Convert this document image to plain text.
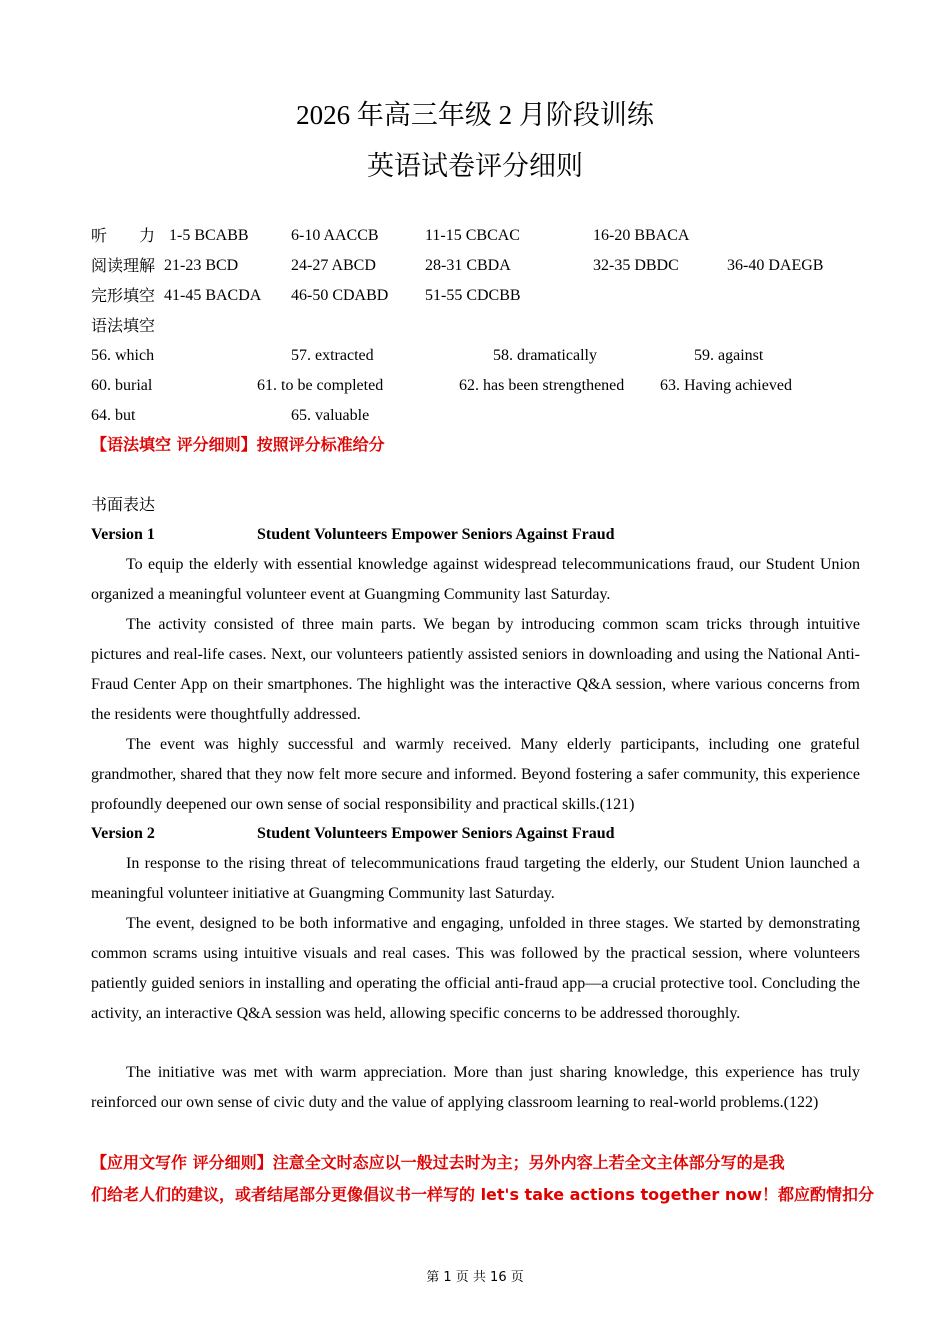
2026 年高三年级 2 月阶段训练
英语试卷评分细则
听　　力 1-5 BCABB	6-10 AACCB	11-15 CBCAC	16-20 BBACA
阅读理解 21-23 BCD	24-27 ABCD	28-31 CBDA	32-35 DBDC	36-40 DAEGB
完形填空 41-45 BACDA 46-50 CDABD 51-55 CDCBB
语法填空
56. which	57. extracted	58. dramatically	59. against
60. burial	61. to be completed	62. has been strengthened 63. Having achieved
64. but	65. valuable
【语法填空 评分细则】按照评分标准给分
书面表达
Version 1	Student Volunteers Empower Seniors Against Fraud
To equip the elderly with essential knowledge against widespread telecommunications fraud, our Student Union organized a meaningful volunteer event at Guangming Community last Saturday.
The activity consisted of three main parts. We began by introducing common scam tricks through intuitive pictures and real-life cases. Next, our volunteers patiently assisted seniors in downloading and using the National Anti-Fraud Center App on their smartphones. The highlight was the interactive Q&A session, where various concerns from the residents were thoughtfully addressed.
The event was highly successful and warmly received. Many elderly participants, including one grateful grandmother, shared that they now felt more secure and informed. Beyond fostering a safer community, this experience profoundly deepened our own sense of social responsibility and practical skills.(121)
Version 2	Student Volunteers Empower Seniors Against Fraud
In response to the rising threat of telecommunications fraud targeting the elderly, our Student Union launched a meaningful volunteer initiative at Guangming Community last Saturday.
The event, designed to be both informative and engaging, unfolded in three stages. We started by demonstrating common scrams using intuitive visuals and real cases. This was followed by the practical session, where volunteers patiently guided seniors in installing and operating the official anti-fraud app—a crucial protective tool. Concluding the activity, an interactive Q&A session was held, allowing specific concerns to be addressed thoroughly.
The initiative was met with warm appreciation. More than just sharing knowledge, this experience has truly reinforced our own sense of civic duty and the value of applying classroom learning to real-world problems.(122)
【应用文写作 评分细则】注意全文时态应以一般过去时为主；另外内容上若全文主体部分写的是我
们给老人们的建议，或者结尾部分更像倡议书一样写的 let's take actions together now！都应酌情扣分
第 1 页 共 16 页
